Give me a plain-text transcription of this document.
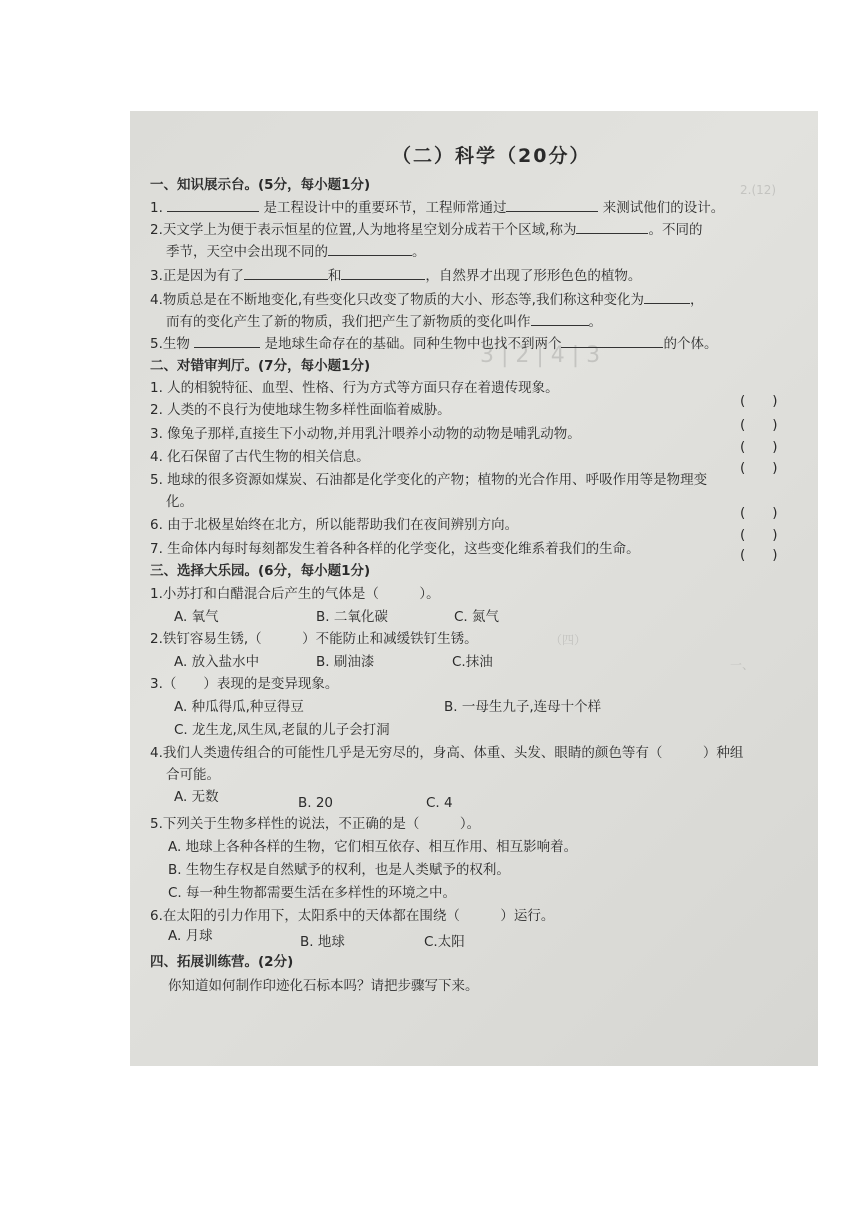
2.(12)
3 | 2 | 4 | 3
（四）
一、
（二）科学（20分）
一、知识展示台。(5分，每小题1分)
1.	是工程设计中的重要环节，工程师常通过	来测试他们的设计。
2.天文学上为便于表示恒星的位置,人为地将星空划分成若干个区域,称为	。不同的
季节，天空中会出现不同的	。
3.正是因为有了	和	，自然界才出现了形形色色的植物。
4.物质总是在不断地变化,有些变化只改变了物质的大小、形态等,我们称这种变化为	，
而有的变化产生了新的物质，我们把产生了新物质的变化叫作	。
5.生物	是地球生命存在的基础。同种生物中也找不到两个	的个体。
二、对错审判厅。(7分，每小题1分)
1. 人的相貌特征、血型、性格、行为方式等方面只存在着遗传现象。
(　　)
2. 人类的不良行为使地球生物多样性面临着威胁。
(　　)
3. 像兔子那样,直接生下小动物,并用乳汁喂养小动物的动物是哺乳动物。
(　　)
4. 化石保留了古代生物的相关信息。
(　　)
5. 地球的很多资源如煤炭、石油都是化学变化的产物；植物的光合作用、呼吸作用等是物理变
化。
(　　)
6. 由于北极星始终在北方，所以能帮助我们在夜间辨别方向。
(　　)
7. 生命体内每时每刻都发生着各种各样的化学变化，这些变化维系着我们的生命。	(　　)
三、选择大乐园。(6分，每小题1分)
1.小苏打和白醋混合后产生的气体是（　　　）。
A. 氧气	B. 二氧化碳	C. 氮气
2.铁钉容易生锈,（　　　）不能防止和减缓铁钉生锈。
A. 放入盐水中	B. 刷油漆	C.抹油
3.（　　）表现的是变异现象。
A. 种瓜得瓜,种豆得豆	B. 一母生九子,连母十个样
C. 龙生龙,凤生凤,老鼠的儿子会打洞
4.我们人类遗传组合的可能性几乎是无穷尽的，身高、体重、头发、眼睛的颜色等有（　　　）种组
合可能。
A. 无数	B. 20	C. 4
5.下列关于生物多样性的说法，不正确的是（　　　）。
A. 地球上各种各样的生物，它们相互依存、相互作用、相互影响着。
B. 生物生存权是自然赋予的权利，也是人类赋予的权利。
C. 每一种生物都需要生活在多样性的环境之中。
6.在太阳的引力作用下，太阳系中的天体都在围绕（　　　）运行。
A. 月球	B. 地球	C.太阳
四、拓展训练营。(2分)
你知道如何制作印迹化石标本吗？请把步骤写下来。
